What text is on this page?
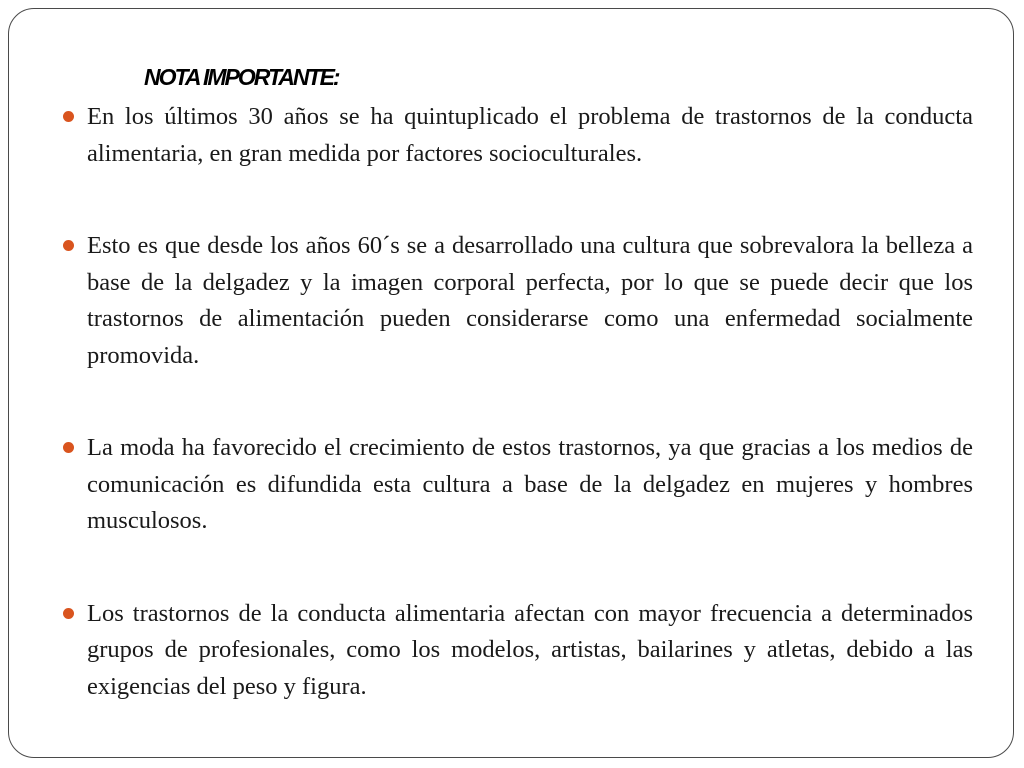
NOTA IMPORTANTE:
En los últimos 30 años se ha quintuplicado el problema de trastornos de la conducta alimentaria, en gran medida por factores socioculturales.
Esto es que desde los años 60´s se a desarrollado una cultura que sobrevalora la belleza a base de la delgadez y la imagen corporal perfecta, por lo que se puede decir que los trastornos de alimentación pueden considerarse como una enfermedad socialmente promovida.
La moda ha favorecido el crecimiento de estos trastornos, ya que gracias a los medios de comunicación es difundida esta cultura a base de la delgadez en mujeres y hombres musculosos.
Los trastornos de la conducta alimentaria afectan con mayor frecuencia a determinados grupos de profesionales, como los modelos, artistas, bailarines y atletas, debido a las exigencias del peso y figura.
